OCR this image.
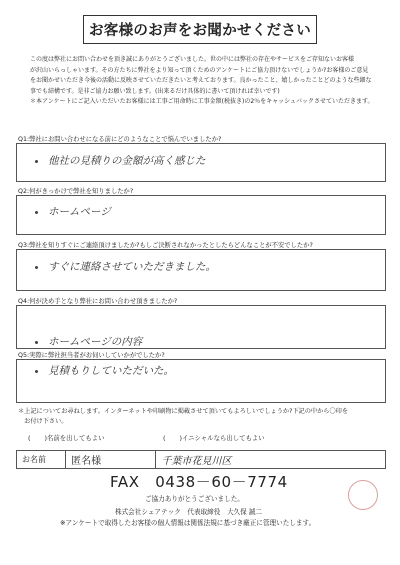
お客様のお声をお聞かせください

この度は弊社にお問い合わせを頂き誠にありがとうございました。世の中には弊社の存在やサービスをご存知ないお客様

が沢山いらっしゃいます。その方たちに弊社をより知って頂くためのアンケートにご協力頂けないでしょうか?お客様のご意見

をお聞かせいただき今後の活動に反映させていただきたいと考えております。良かったこと、嬉しかったことどのような些細な

事でも結構です。是非ご協力お願い致します。(出来るだけ具体的に書いて頂ければ幸いです)

＊本アンケートにご記入いただいたお客様には工事ご用命時に工事金額(税抜き)の2％をキャッシュバックさせていただきます。

Q1:弊社にお問い合わせになる前にどのようなことで悩んでいましたか?
他社の見積りの金額が高く感じた
Q2:何がきっかけで弊社を知りましたか?
ホームページ
Q3:弊社を知りすぐにご連絡頂けましたか?もしご決断されなかったとしたらどんなことが不安でしたか?
すぐに連絡させていただきました。
Q4:何が決め手となり弊社にお問い合わせ頂きましたか?
ホームページの内容
Q5:実際に弊社担当者がお伺いしていかがでしたか?
見積もりしていただいた。

＊上記についてお尋ねします。インターネットや印刷物に掲載させて頂いてもよろしいでしょうか?下記の中から〇印を

　お付け下さい。

( )名前を出してもよい	( )イニシャルなら出してもよい
お名前	匿名様	千葉市花見川区
FAX　0438－60－7774
ご協力ありがとうございました。
株式会社シェアテック　代表取締役　大久保 誠二
※アンケートで取得したお客様の個人情報は関係法規に基づき厳正に管理いたします。
